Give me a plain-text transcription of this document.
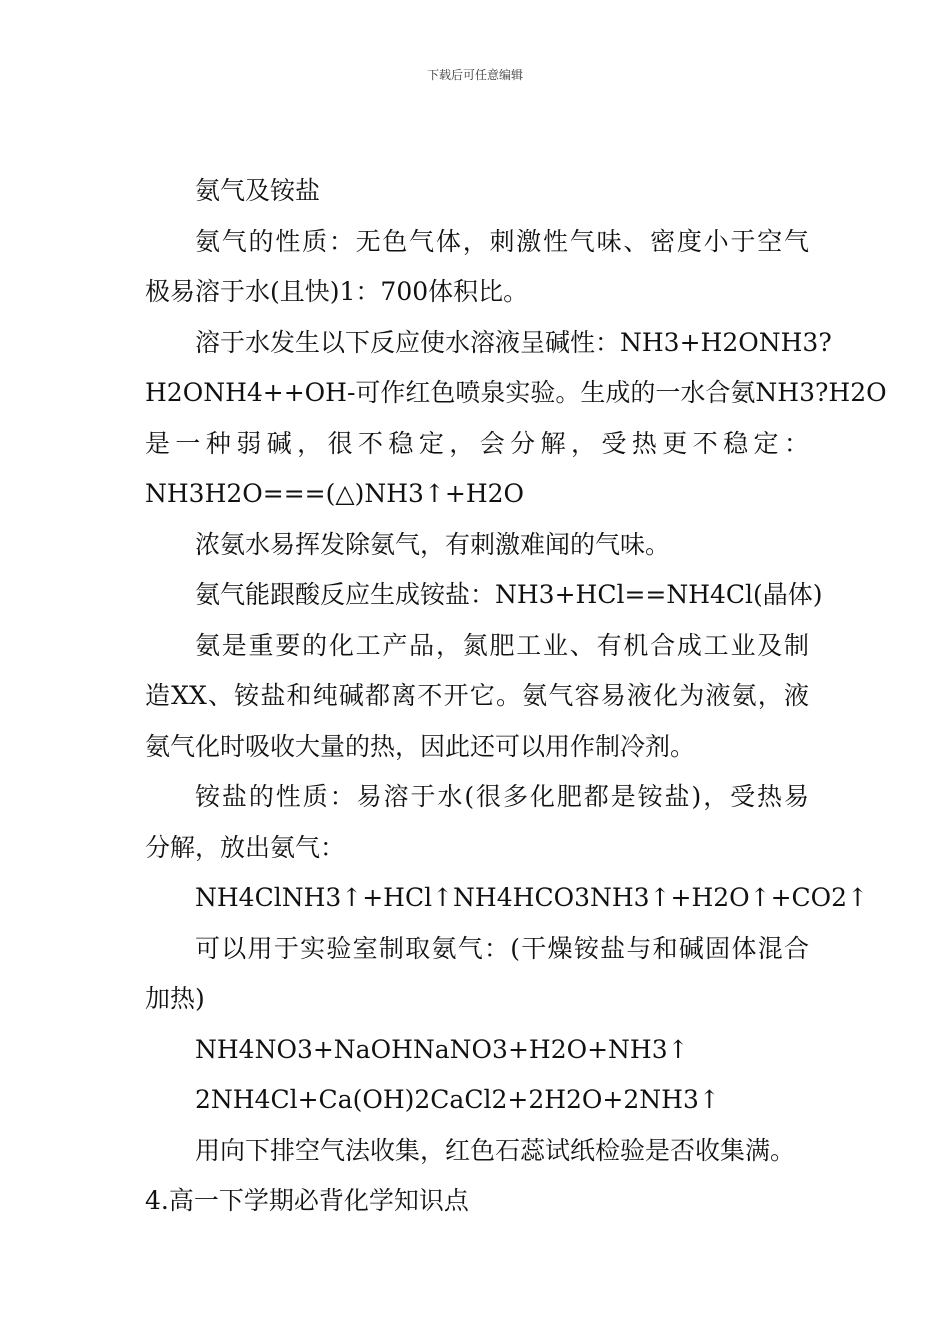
下载后可任意编辑
氨气及铵盐
氨气的性质：无色气体，刺激性气味、密度小于空气
极易溶于水(且快)1：700体积比。
溶于水发生以下反应使水溶液呈碱性：NH3+H2ONH3?
H2ONH4++OH-可作红色喷泉实验。生成的一水合氨NH3?H2O
是一种弱碱，很不稳定，会分解，受热更不稳定：
NH3H2O===(△)NH3↑+H2O
浓氨水易挥发除氨气，有刺激难闻的气味。
氨气能跟酸反应生成铵盐：NH3+HCl==NH4Cl(晶体)
氨是重要的化工产品，氮肥工业、有机合成工业及制
造XX、铵盐和纯碱都离不开它。氨气容易液化为液氨，液
氨气化时吸收大量的热，因此还可以用作制冷剂。
铵盐的性质：易溶于水(很多化肥都是铵盐)，受热易
分解，放出氨气：
NH4ClNH3↑+HCl↑NH4HCO3NH3↑+H2O↑+CO2↑
可以用于实验室制取氨气：(干燥铵盐与和碱固体混合
加热)
NH4NO3+NaOHNaNO3+H2O+NH3↑
2NH4Cl+Ca(OH)2CaCl2+2H2O+2NH3↑
用向下排空气法收集，红色石蕊试纸检验是否收集满。
4.高一下学期必背化学知识点
